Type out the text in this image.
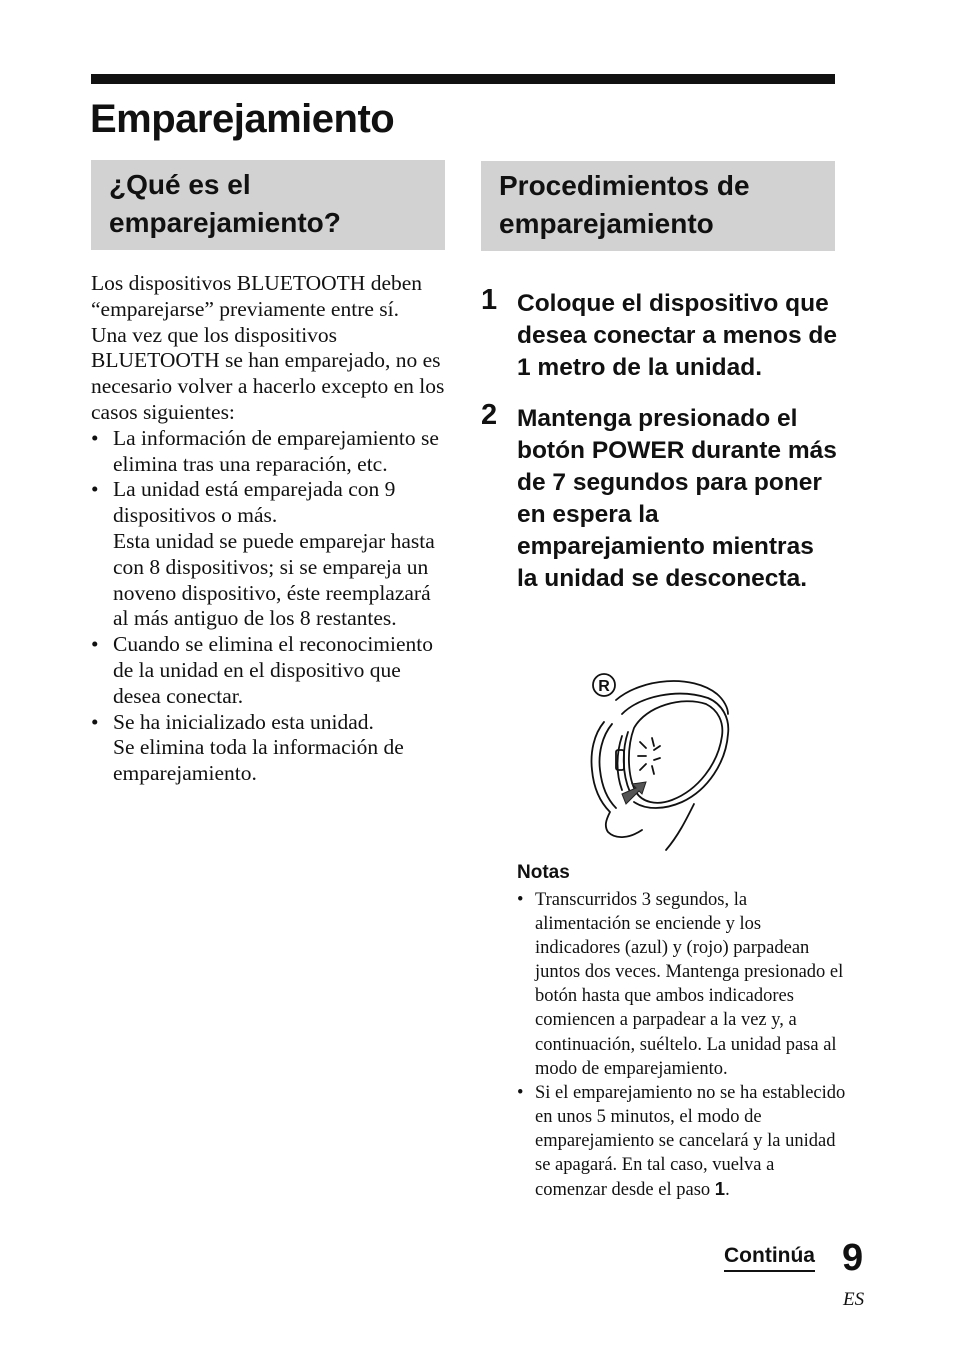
Emparejamiento
¿Qué es el
emparejamiento?
Los dispositivos BLUETOOTH deben “emparejarse” previamente entre sí.
Una vez que los dispositivos BLUETOOTH se han emparejado, no es necesario volver a hacerlo excepto en los casos siguientes:
• La información de emparejamiento se elimina tras una reparación, etc.
• La unidad está emparejada con 9 dispositivos o más.
Esta unidad se puede emparejar hasta con 8 dispositivos; si se empareja un noveno dispositivo, éste reemplazará al más antiguo de los 8 restantes.
• Cuando se elimina el reconocimiento de la unidad en el dispositivo que desea conectar.
• Se ha inicializado esta unidad.
Se elimina toda la información de emparejamiento.
Procedimientos de
emparejamiento
1 Coloque el dispositivo que desea conectar a menos de 1 metro de la unidad.
2 Mantenga presionado el botón POWER durante más de 7 segundos para poner en espera la emparejamiento mientras la unidad se desconecta.
R
Notas
• Transcurridos 3 segundos, la alimentación se enciende y los indicadores (azul) y (rojo) parpadean juntos dos veces. Mantenga presionado el botón hasta que ambos indicadores comiencen a parpadear a la vez y, a continuación, suéltelo. La unidad pasa al modo de emparejamiento.
• Si el emparejamiento no se ha establecido en unos 5 minutos, el modo de emparejamiento se cancelará y la unidad se apagará. En tal caso, vuelva a comenzar desde el paso 1.
Continúa 9
ES
